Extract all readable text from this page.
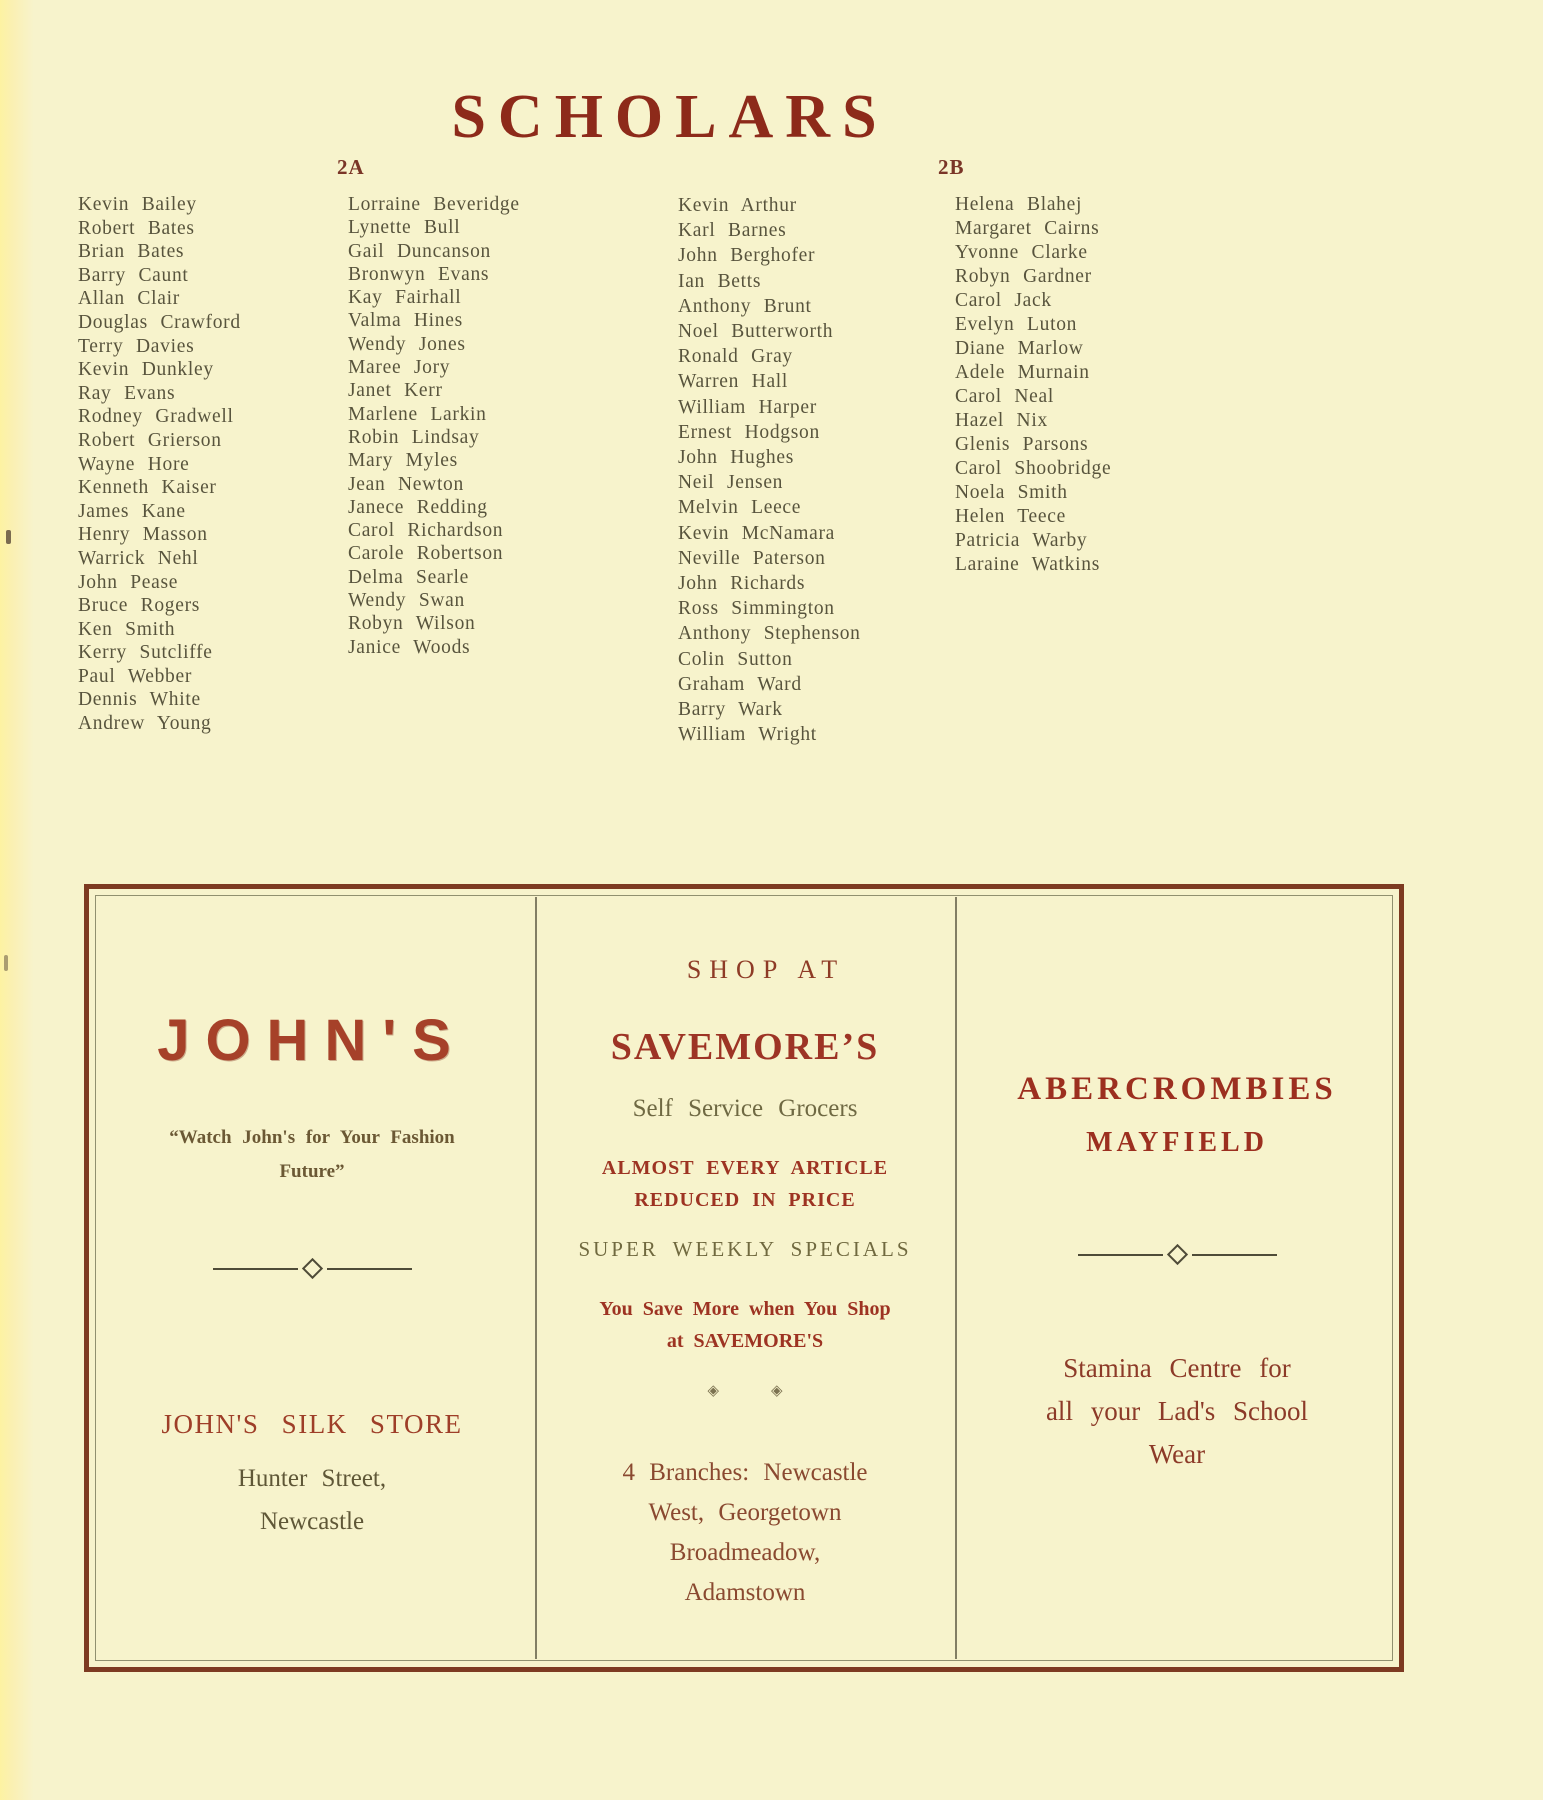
SCHOLARS
2A	2B
Kevin Bailey
Robert Bates
Brian Bates
Barry Caunt
Allan Clair
Douglas Crawford
Terry Davies
Kevin Dunkley
Ray Evans
Rodney Gradwell
Robert Grierson
Wayne Hore
Kenneth Kaiser
James Kane
Henry Masson
Warrick Nehl
John Pease
Bruce Rogers
Ken Smith
Kerry Sutcliffe
Paul Webber
Dennis White
Andrew Young
Lorraine Beveridge
Lynette Bull
Gail Duncanson
Bronwyn Evans
Kay Fairhall
Valma Hines
Wendy Jones
Maree Jory
Janet Kerr
Marlene Larkin
Robin Lindsay
Mary Myles
Jean Newton
Janece Redding
Carol Richardson
Carole Robertson
Delma Searle
Wendy Swan
Robyn Wilson
Janice Woods
Kevin Arthur
Karl Barnes
John Berghofer
Ian Betts
Anthony Brunt
Noel Butterworth
Ronald Gray
Warren Hall
William Harper
Ernest Hodgson
John Hughes
Neil Jensen
Melvin Leece
Kevin McNamara
Neville Paterson
John Richards
Ross Simmington
Anthony Stephenson
Colin Sutton
Graham Ward
Barry Wark
William Wright
Helena Blahej
Margaret Cairns
Yvonne Clarke
Robyn Gardner
Carol Jack
Evelyn Luton
Diane Marlow
Adele Murnain
Carol Neal
Hazel Nix
Glenis Parsons
Carol Shoobridge
Noela Smith
Helen Teece
Patricia Warby
Laraine Watkins
JOHN'S
“Watch John's for Your Fashion
Future”
JOHN'S SILK STORE
Hunter Street,
Newcastle
SHOP AT
SAVEMORE’S
Self Service Grocers
ALMOST EVERY ARTICLE
REDUCED IN PRICE
SUPER WEEKLY SPECIALS
You Save More when You Shop
at SAVEMORE'S
◈	◈
4 Branches: Newcastle
West, Georgetown
Broadmeadow,
Adamstown
ABERCROMBIES
MAYFIELD
Stamina Centre for
all your Lad's School
Wear
